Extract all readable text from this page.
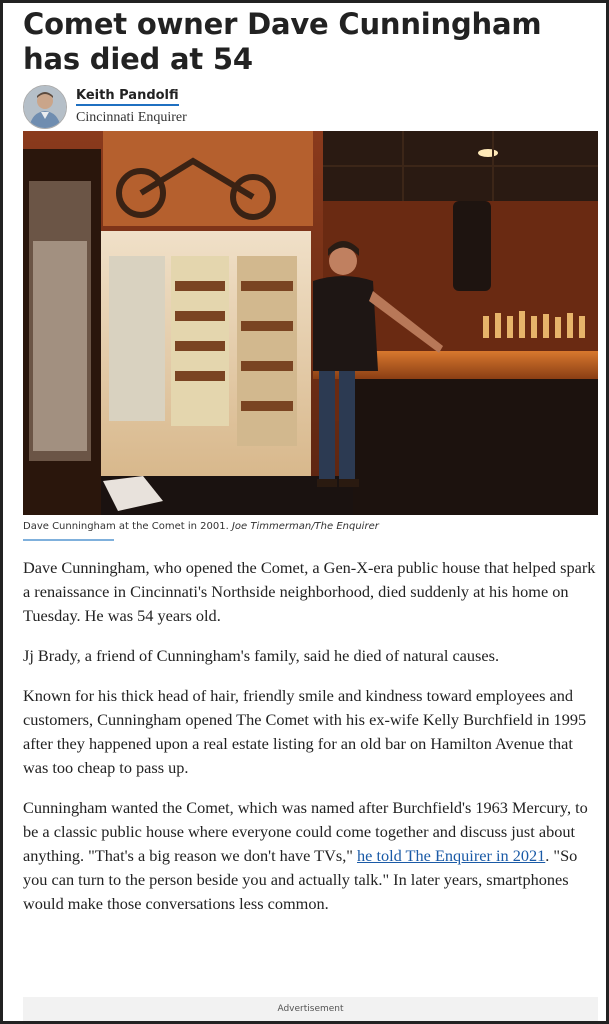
Comet owner Dave Cunningham has died at 54
Keith Pandolfi
Cincinnati Enquirer
Dave Cunningham at the Comet in 2001. Joe Timmerman/The Enquirer

Dave Cunningham, who opened the Comet, a Gen-X-era public house that helped spark a renaissance in Cincinnati's Northside neighborhood, died suddenly at his home on Tuesday. He was 54 years old.

Jj Brady, a friend of Cunningham's family, said he died of natural causes.

Known for his thick head of hair, friendly smile and kindness toward employees and customers, Cunningham opened The Comet with his ex-wife Kelly Burchfield in 1995 after they happened upon a real estate listing for an old bar on Hamilton Avenue that was too cheap to pass up.

Cunningham wanted the Comet, which was named after Burchfield's 1963 Mercury, to be a classic public house where everyone could come together and discuss just about anything. "That's a big reason we don't have TVs," he told The Enquirer in 2021. "So you can turn to the person beside you and actually talk." In later years, smartphones would make those conversations less common.

Advertisement
